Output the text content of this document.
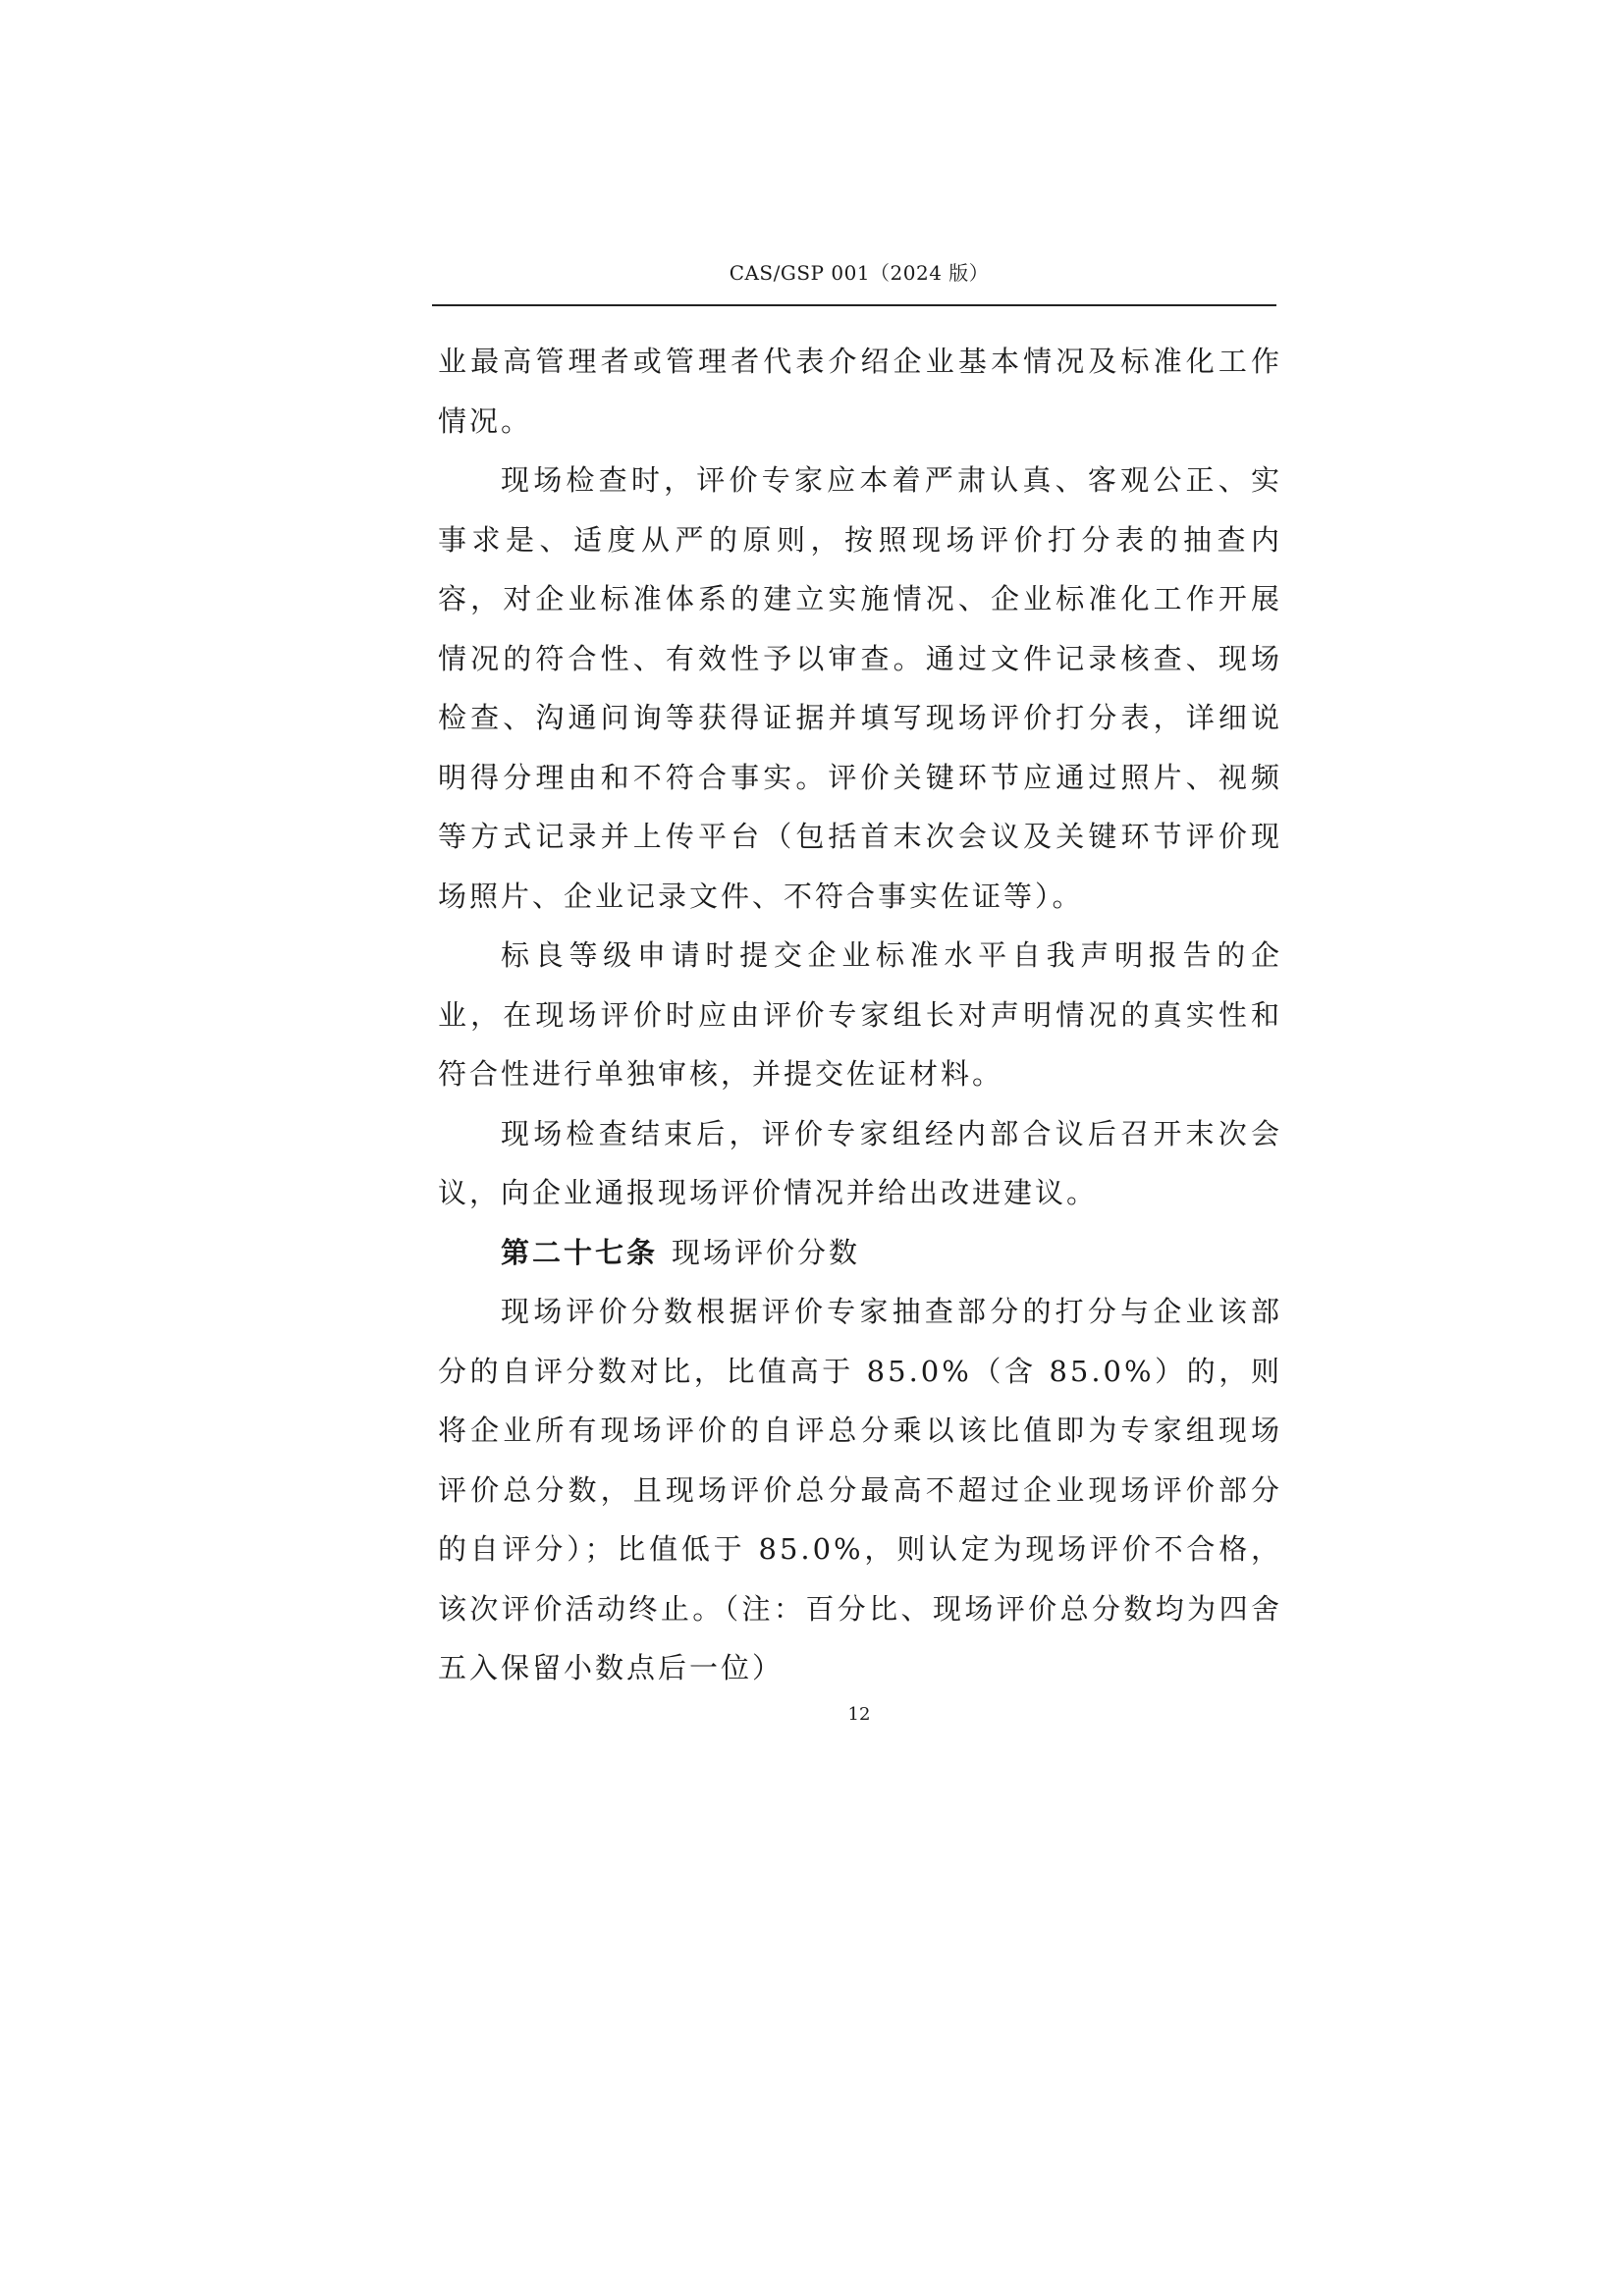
CAS/GSP 001（2024 版）

业最高管理者或管理者代表介绍企业基本情况及标准化工作情况。

现场检查时，评价专家应本着严肃认真、客观公正、实事求是、适度从严的原则，按照现场评价打分表的抽查内容，对企业标准体系的建立实施情况、企业标准化工作开展情况的符合性、有效性予以审查。通过文件记录核查、现场检查、沟通问询等获得证据并填写现场评价打分表，详细说明得分理由和不符合事实。评价关键环节应通过照片、视频等方式记录并上传平台（包括首末次会议及关键环节评价现场照片、企业记录文件、不符合事实佐证等）。

标良等级申请时提交企业标准水平自我声明报告的企业，在现场评价时应由评价专家组长对声明情况的真实性和符合性进行单独审核，并提交佐证材料。

现场检查结束后，评价专家组经内部合议后召开末次会议，向企业通报现场评价情况并给出改进建议。

第二十七条 现场评价分数

现场评价分数根据评价专家抽查部分的打分与企业该部分的自评分数对比，比值高于 85.0%（含 85.0%）的，则将企业所有现场评价的自评总分乘以该比值即为专家组现场评价总分数，且现场评价总分最高不超过企业现场评价部分的自评分）；比值低于 85.0%，则认定为现场评价不合格，该次评价活动终止。（注：百分比、现场评价总分数均为四舍五入保留小数点后一位）

12
